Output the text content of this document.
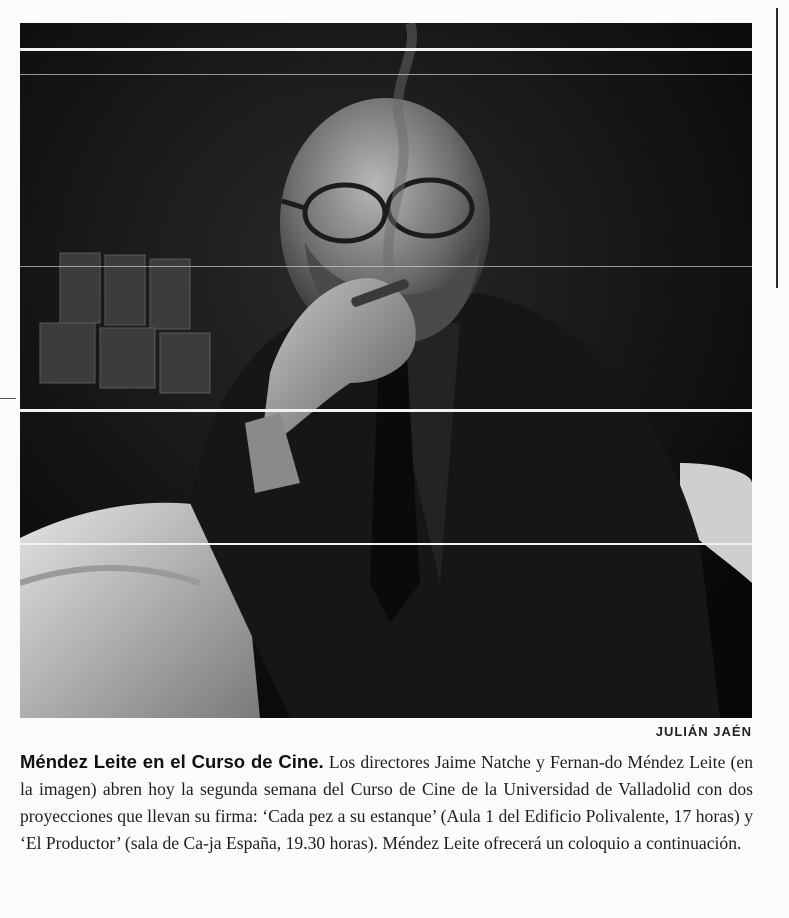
JULIÁN JAÉN
Méndez Leite en el Curso de Cine. Los directores Jaime Natche y Fernan-do Méndez Leite (en la imagen) abren hoy la segunda semana del Curso de Cine de la Universidad de Valladolid con dos proyecciones que llevan su firma: ‘Cada pez a su estanque’ (Aula 1 del Edificio Polivalente, 17 horas) y ‘El Productor’ (sala de Ca-ja España, 19.30 horas). Méndez Leite ofrecerá un coloquio a continuación.
